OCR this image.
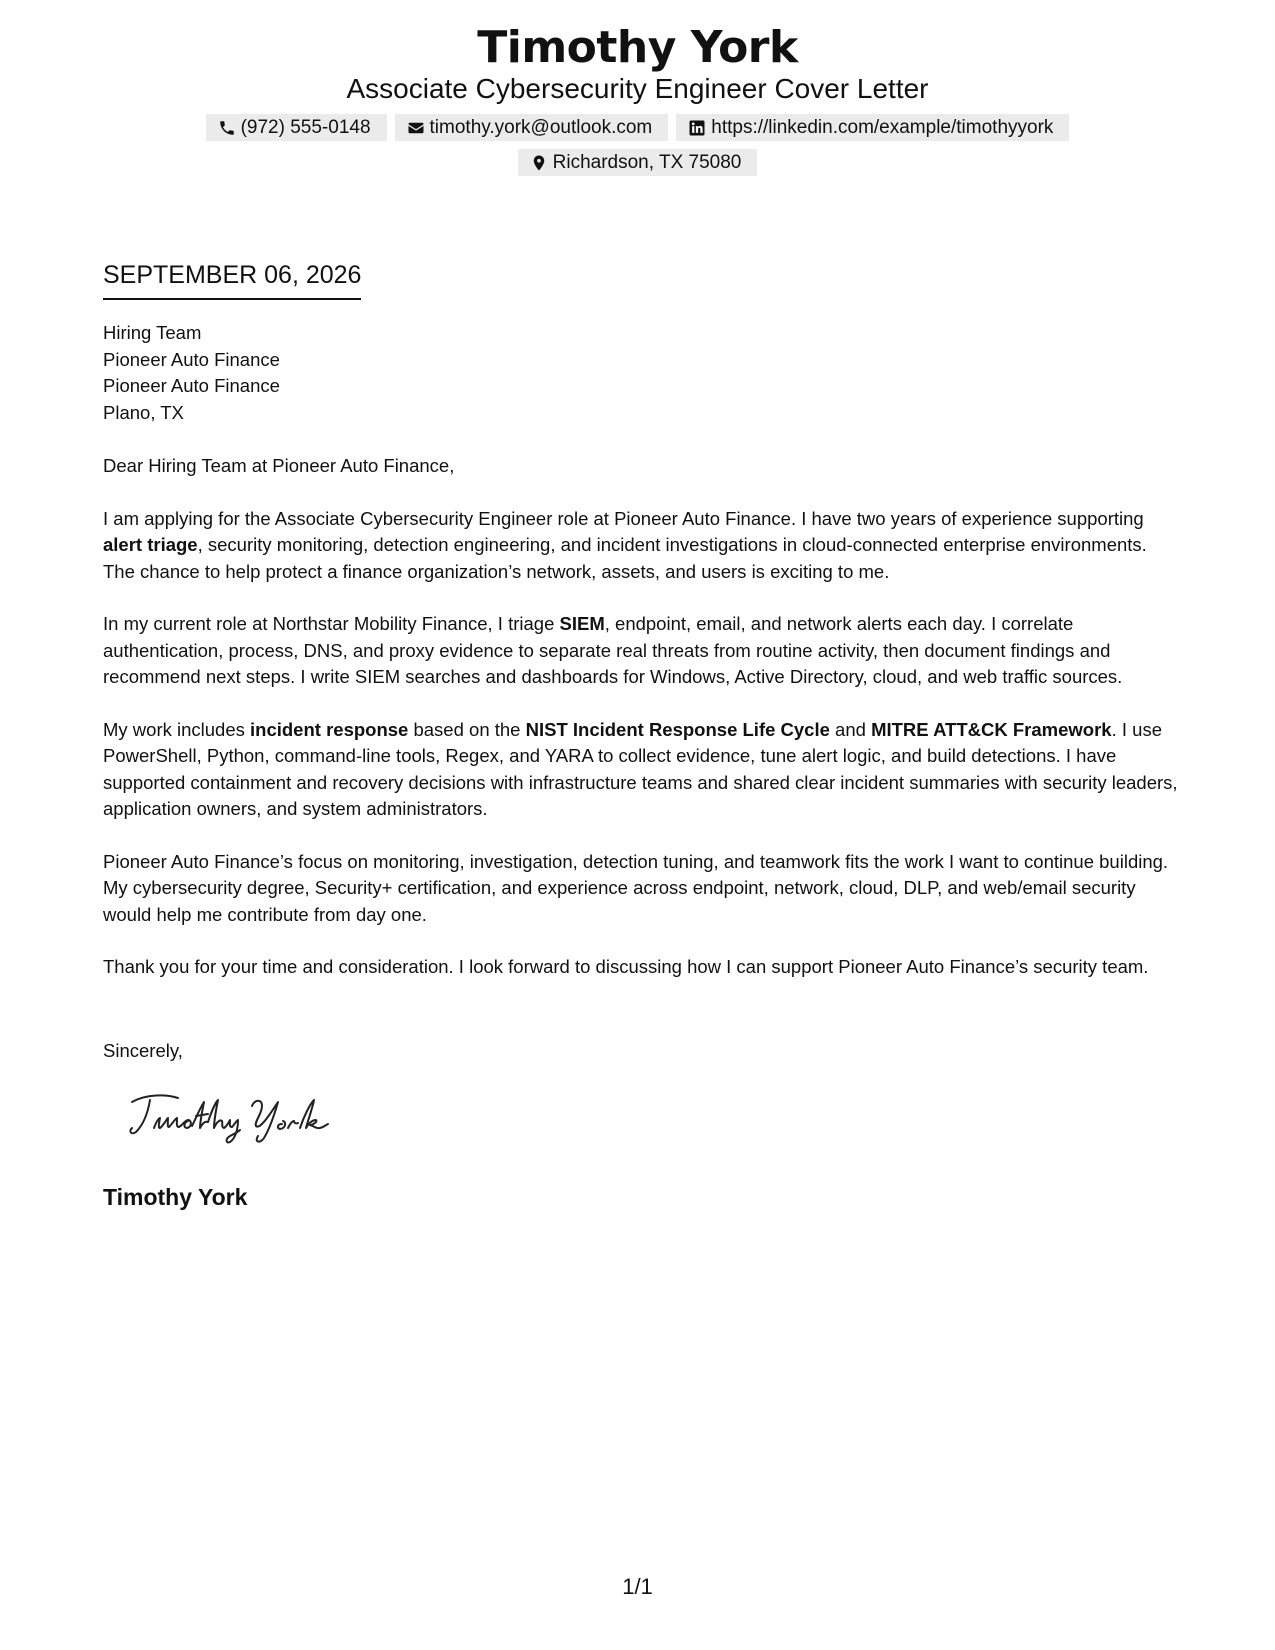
Timothy York
Associate Cybersecurity Engineer Cover Letter
(972) 555-0148	timothy.york@outlook.com	https://linkedin.com/example/timothyyork
Richardson, TX 75080
SEPTEMBER 06, 2026
Hiring Team
Pioneer Auto Finance
Pioneer Auto Finance
Plano, TX
Dear Hiring Team at Pioneer Auto Finance,
I am applying for the Associate Cybersecurity Engineer role at Pioneer Auto Finance. I have two years of experience supporting alert triage, security monitoring, detection engineering, and incident investigations in cloud-connected enterprise environments. The chance to help protect a finance organization’s network, assets, and users is exciting to me.
In my current role at Northstar Mobility Finance, I triage SIEM, endpoint, email, and network alerts each day. I correlate authentication, process, DNS, and proxy evidence to separate real threats from routine activity, then document findings and recommend next steps. I write SIEM searches and dashboards for Windows, Active Directory, cloud, and web traffic sources.
My work includes incident response based on the NIST Incident Response Life Cycle and MITRE ATT&CK Framework. I use PowerShell, Python, command-line tools, Regex, and YARA to collect evidence, tune alert logic, and build detections. I have supported containment and recovery decisions with infrastructure teams and shared clear incident summaries with security leaders, application owners, and system administrators.
Pioneer Auto Finance’s focus on monitoring, investigation, detection tuning, and teamwork fits the work I want to continue building. My cybersecurity degree, Security+ certification, and experience across endpoint, network, cloud, DLP, and web/email security would help me contribute from day one.
Thank you for your time and consideration. I look forward to discussing how I can support Pioneer Auto Finance’s security team.
Sincerely,
Timothy York
1/1
